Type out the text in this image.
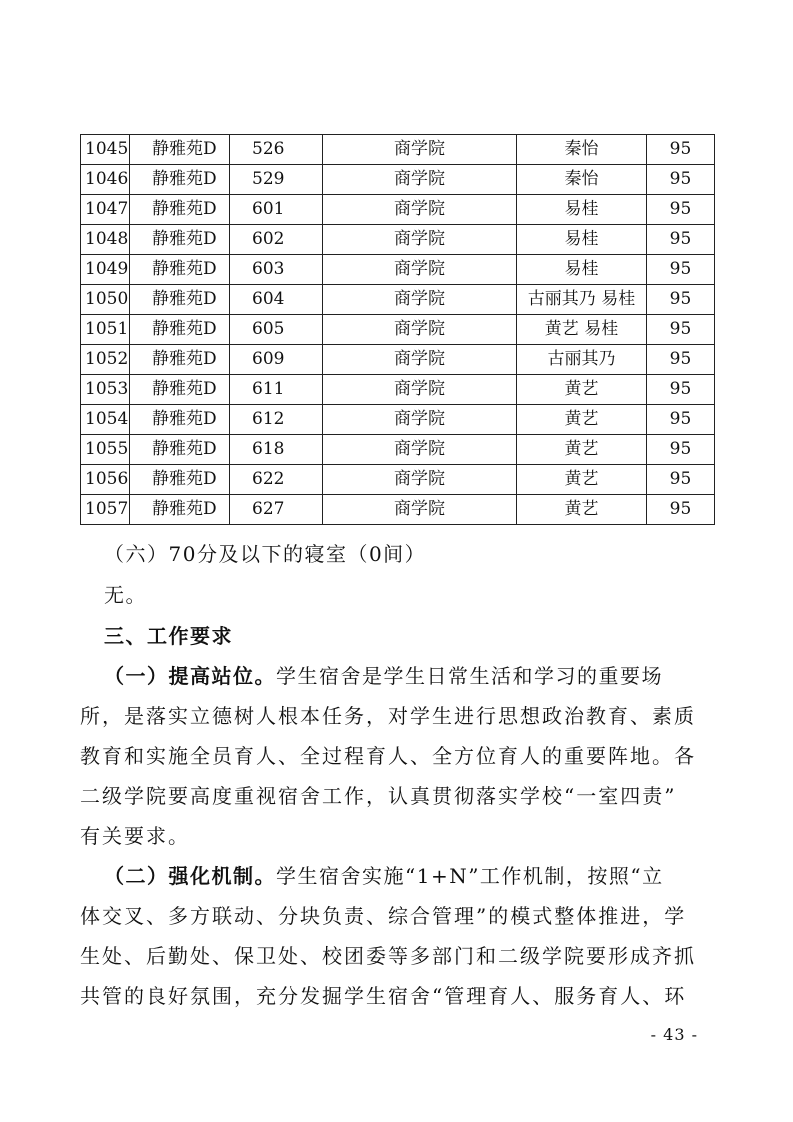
1045	静雅苑D	526	商学院	秦怡	95
1046	静雅苑D	529	商学院	秦怡	95
1047	静雅苑D	601	商学院	易桂	95
1048	静雅苑D	602	商学院	易桂	95
1049	静雅苑D	603	商学院	易桂	95
1050	静雅苑D	604	商学院	古丽其乃 易桂	95
1051	静雅苑D	605	商学院	黄艺 易桂	95
1052	静雅苑D	609	商学院	古丽其乃	95
1053	静雅苑D	611	商学院	黄艺	95
1054	静雅苑D	612	商学院	黄艺	95
1055	静雅苑D	618	商学院	黄艺	95
1056	静雅苑D	622	商学院	黄艺	95
1057	静雅苑D	627	商学院	黄艺	95
（六）70分及以下的寝室（0间）
无。
三、工作要求
（一）提高站位。学生宿舍是学生日常生活和学习的重要场
所，是落实立德树人根本任务，对学生进行思想政治教育、素质
教育和实施全员育人、全过程育人、全方位育人的重要阵地。各
二级学院要高度重视宿舍工作，认真贯彻落实学校“一室四责”
有关要求。
（二）强化机制。学生宿舍实施“1+N”工作机制，按照“立
体交叉、多方联动、分块负责、综合管理”的模式整体推进，学
生处、后勤处、保卫处、校团委等多部门和二级学院要形成齐抓
共管的良好氛围，充分发掘学生宿舍“管理育人、服务育人、环
- 43 -
